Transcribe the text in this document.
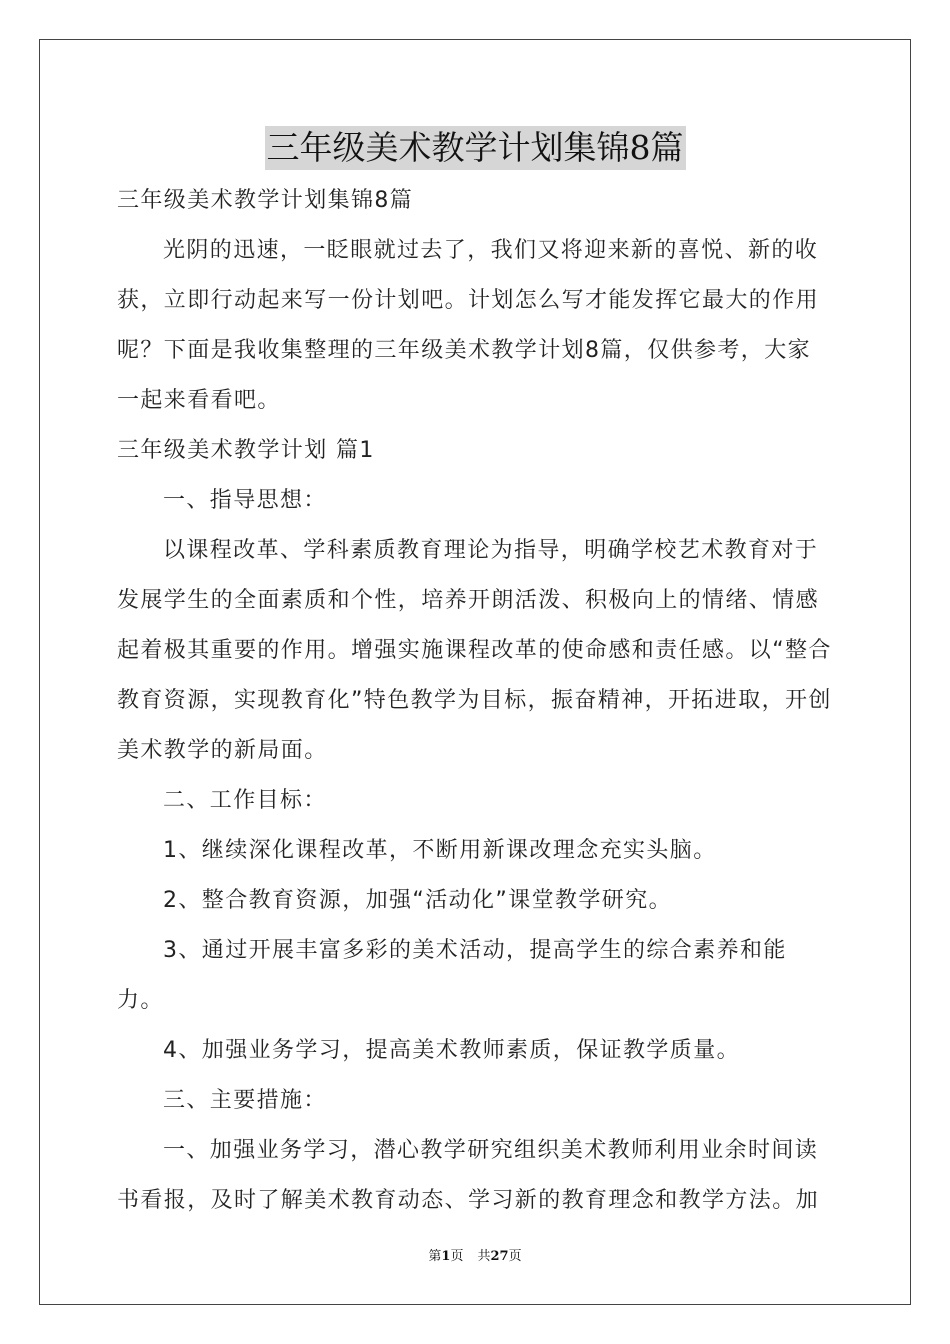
三年级美术教学计划集锦8篇

三年级美术教学计划集锦8篇

光阴的迅速，一眨眼就过去了，我们又将迎来新的喜悦、新的收获，立即行动起来写一份计划吧。计划怎么写才能发挥它最大的作用呢？下面是我收集整理的三年级美术教学计划8篇，仅供参考，大家一起来看看吧。

三年级美术教学计划 篇1

一、指导思想：

以课程改革、学科素质教育理论为指导，明确学校艺术教育对于发展学生的全面素质和个性，培养开朗活泼、积极向上的情绪、情感起着极其重要的作用。增强实施课程改革的使命感和责任感。以“整合教育资源，实现教育化”特色教学为目标，振奋精神，开拓进取，开创美术教学的新局面。

二、工作目标：

1、继续深化课程改革，不断用新课改理念充实头脑。

2、整合教育资源，加强“活动化”课堂教学研究。

3、通过开展丰富多彩的美术活动，提高学生的综合素养和能力。

4、加强业务学习，提高美术教师素质，保证教学质量。

三、主要措施：

一、加强业务学习，潜心教学研究组织美术教师利用业余时间读书看报，及时了解美术教育动态、学习新的教育理念和教学方法。加

第1页 共27页
